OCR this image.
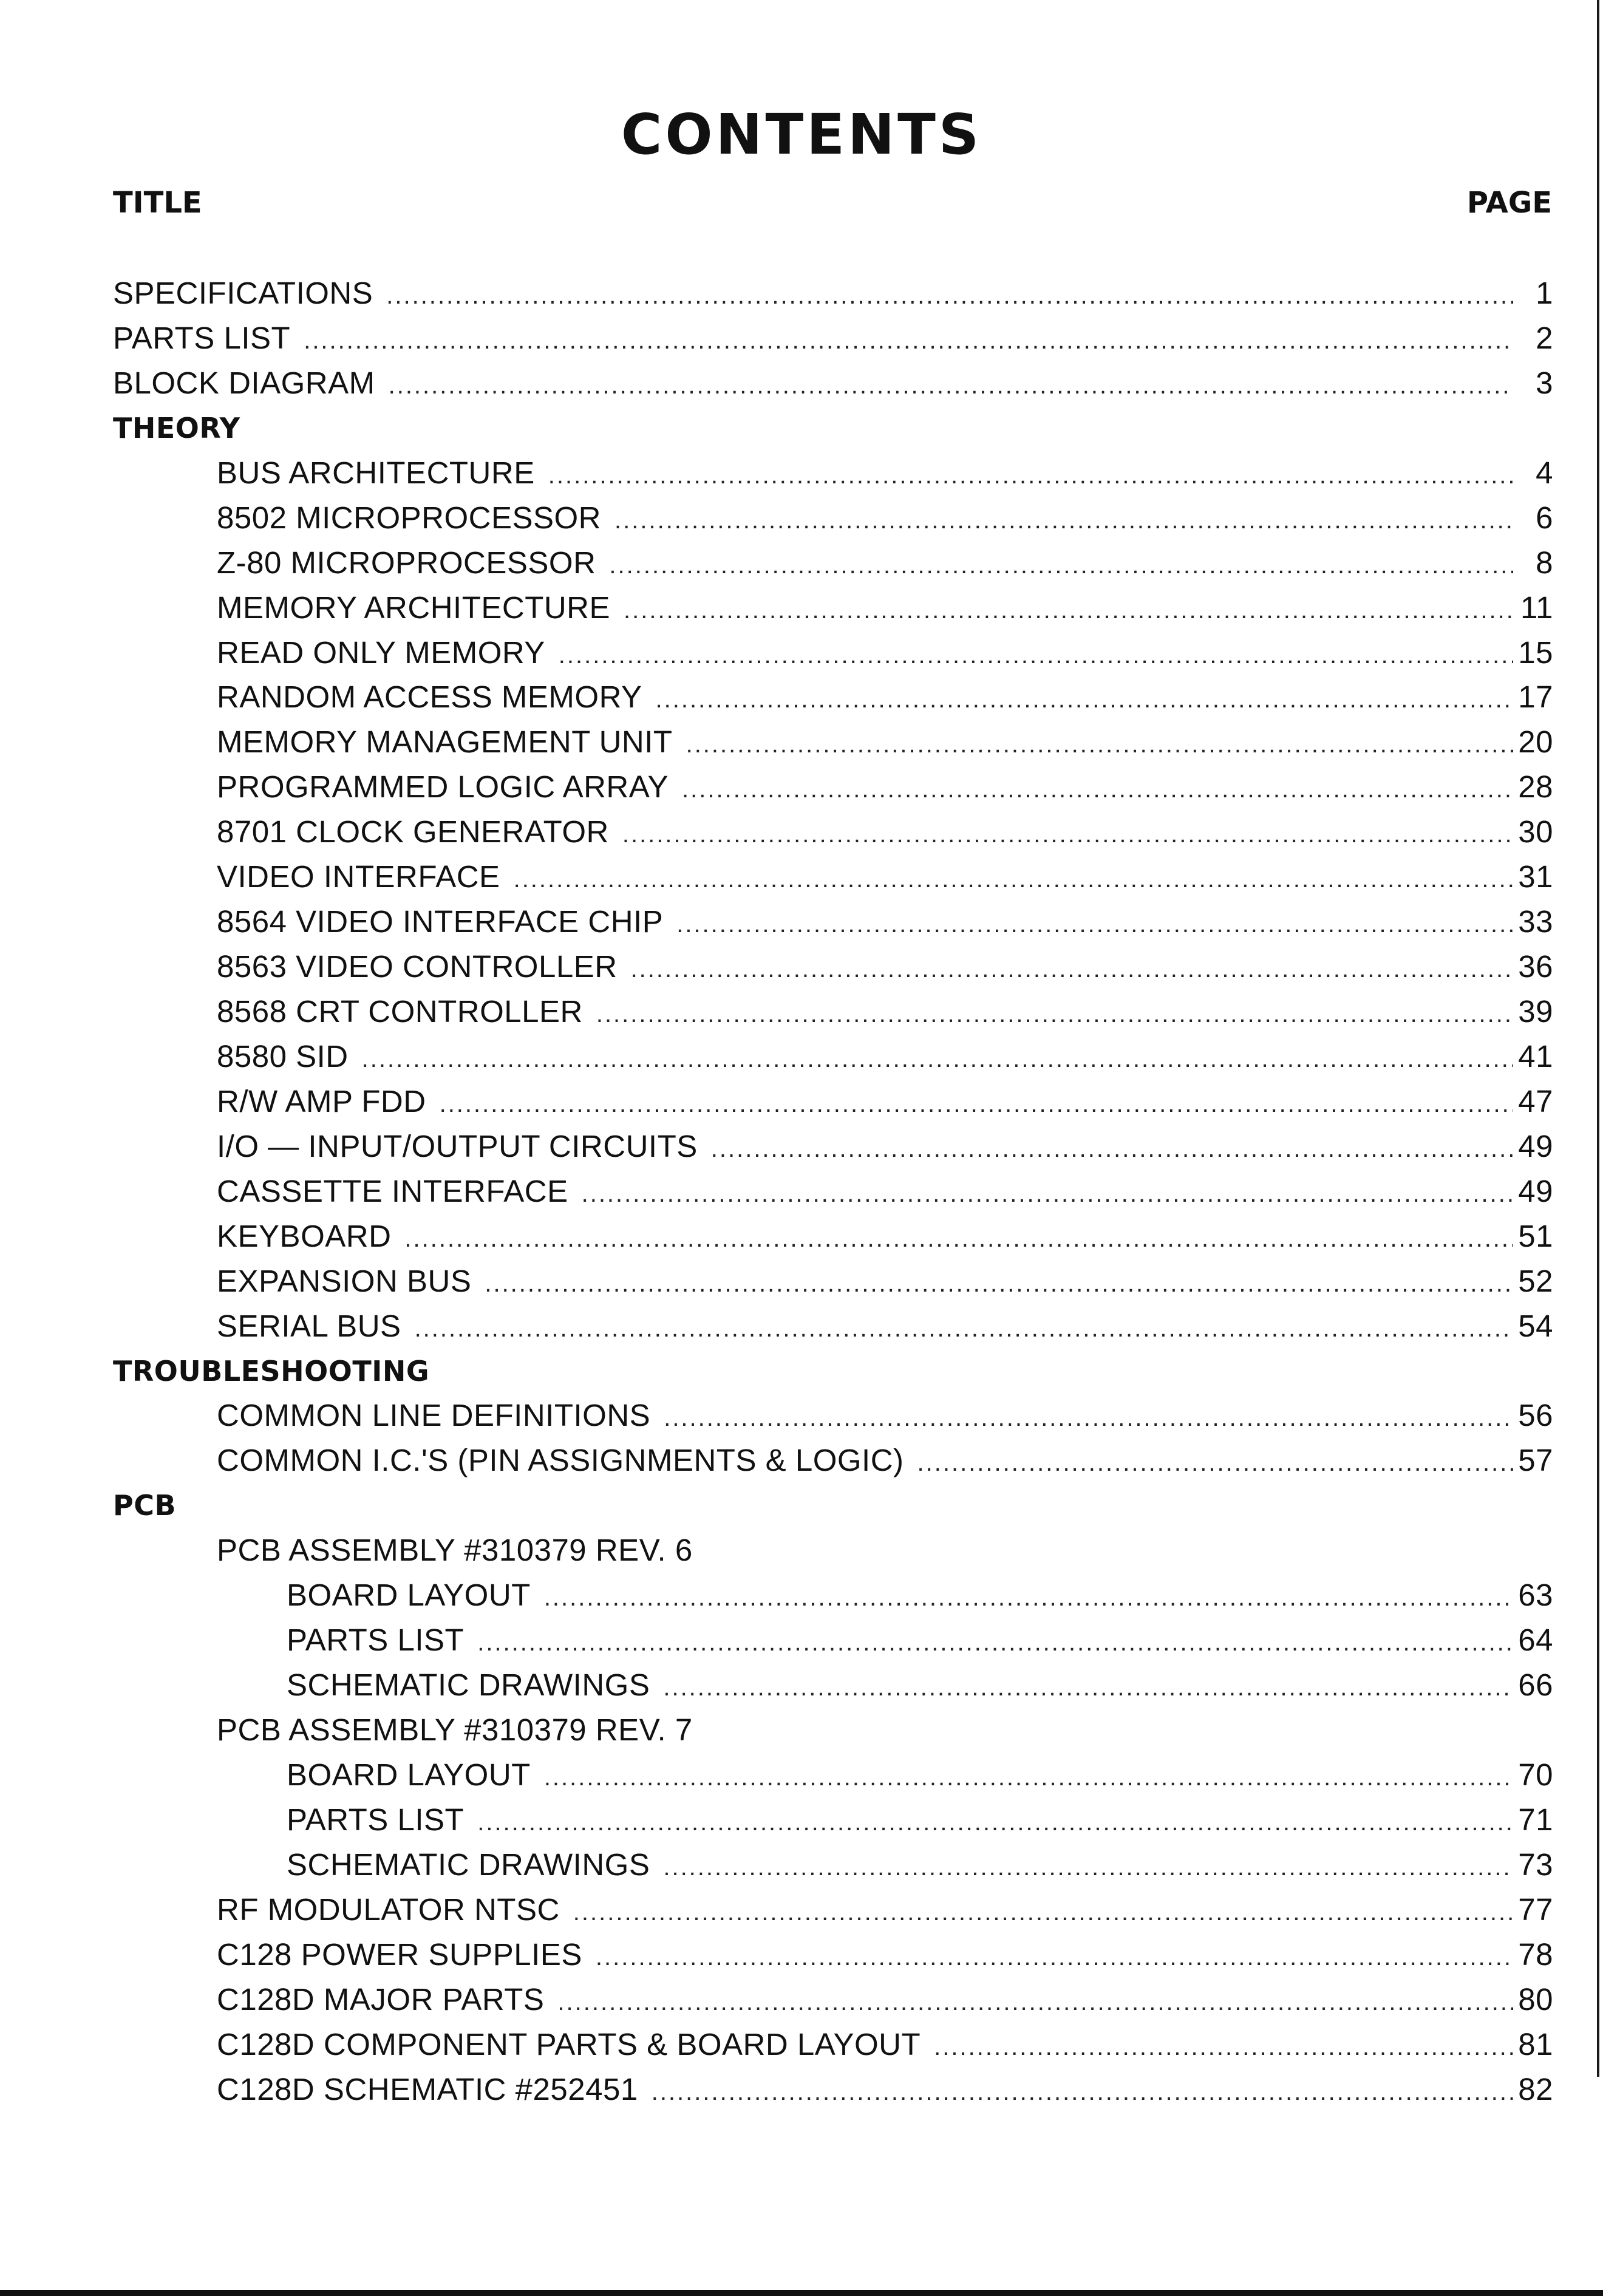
CONTENTS
TITLE	PAGE
SPECIFICATIONS .....	1
PARTS LIST .....	2
BLOCK DIAGRAM .....	3
THEORY
BUS ARCHITECTURE .....	4
8502 MICROPROCESSOR .....	6
Z-80 MICROPROCESSOR .....	8
MEMORY ARCHITECTURE .....	11
READ ONLY MEMORY .....	15
RANDOM ACCESS MEMORY .....	17
MEMORY MANAGEMENT UNIT .....	20
PROGRAMMED LOGIC ARRAY .....	28
8701 CLOCK GENERATOR .....	30
VIDEO INTERFACE .....	31
8564 VIDEO INTERFACE CHIP .....	33
8563 VIDEO CONTROLLER .....	36
8568 CRT CONTROLLER .....	39
8580 SID .....	41
R/W AMP FDD .....	47
I/O — INPUT/OUTPUT CIRCUITS .....	49
CASSETTE INTERFACE .....	49
KEYBOARD .....	51
EXPANSION BUS .....	52
SERIAL BUS .....	54
TROUBLESHOOTING
COMMON LINE DEFINITIONS .....	56
COMMON I.C.'S (PIN ASSIGNMENTS & LOGIC) .....	57
PCB
PCB ASSEMBLY #310379 REV. 6
BOARD LAYOUT .....	63
PARTS LIST .....	64
SCHEMATIC DRAWINGS .....	66
PCB ASSEMBLY #310379 REV. 7
BOARD LAYOUT .....	70
PARTS LIST .....	71
SCHEMATIC DRAWINGS .....	73
RF MODULATOR NTSC .....	77
C128 POWER SUPPLIES .....	78
C128D MAJOR PARTS .....	80
C128D COMPONENT PARTS & BOARD LAYOUT .....	81
C128D SCHEMATIC #252451 .....	82
